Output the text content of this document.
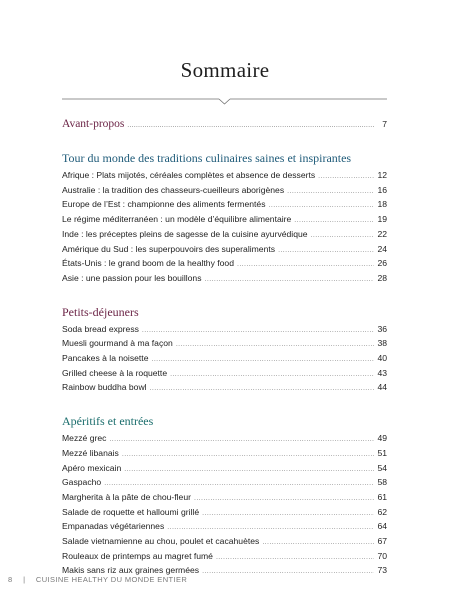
Sommaire
Avant-propos .....	7
Tour du monde des traditions culinaires saines et inspirantes
Afrique : Plats mijotés, céréales complètes et absence de desserts .....	12
Australie : la tradition des chasseurs-cueilleurs aborigènes .....	16
Europe de l’Est : championne des aliments fermentés .....	18
Le régime méditerranéen : un modèle d’équilibre alimentaire .....	19
Inde : les préceptes pleins de sagesse de la cuisine ayurvédique .....	22
Amérique du Sud : les superpouvoirs des superaliments .....	24
États-Unis : le grand boom de la healthy food .....	26
Asie : une passion pour les bouillons .....	28
Petits-déjeuners
Soda bread express .....	36
Muesli gourmand à ma façon .....	38
Pancakes à la noisette .....	40
Grilled cheese à la roquette .....	43
Rainbow buddha bowl .....	44
Apéritifs et entrées
Mezzé grec .....	49
Mezzé libanais .....	51
Apéro mexicain .....	54
Gaspacho .....	58
Margherita à la pâte de chou-fleur .....	61
Salade de roquette et halloumi grillé .....	62
Empanadas végétariennes .....	64
Salade vietnamienne au chou, poulet et cacahuètes .....	67
Rouleaux de printemps au magret fumé .....	70
Makis sans riz aux graines germées .....	73
8 | CUISINE HEALTHY DU MONDE ENTIER
